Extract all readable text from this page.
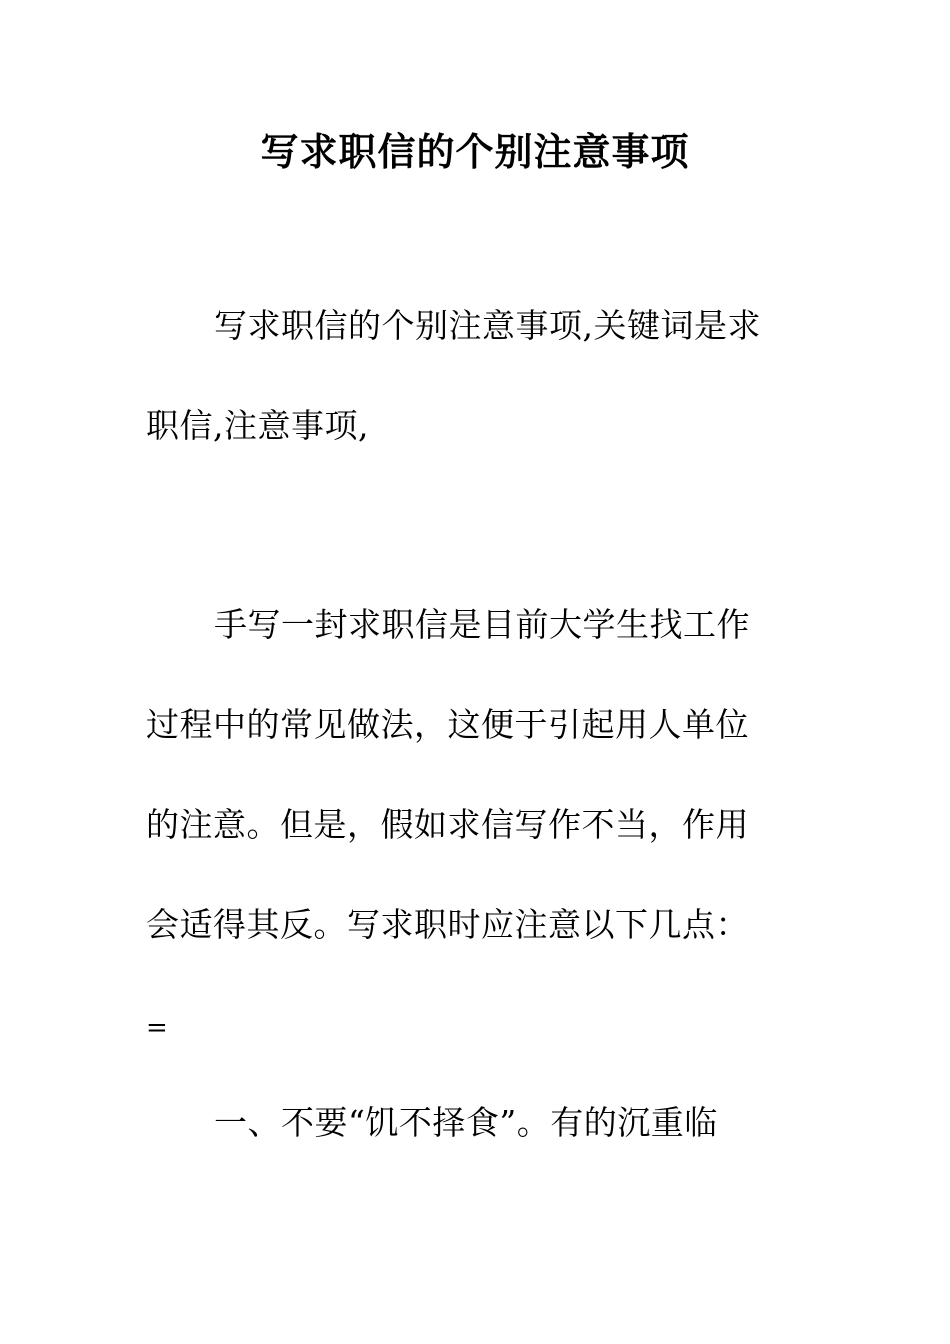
写求职信的个别注意事项
写求职信的个别注意事项,关键词是求
职信,注意事项,
手写一封求职信是目前大学生找工作
过程中的常见做法，这便于引起用人单位
的注意。但是，假如求信写作不当，作用
会适得其反。写求职时应注意以下几点：
=
一、不要“饥不择食”。有的沉重临
